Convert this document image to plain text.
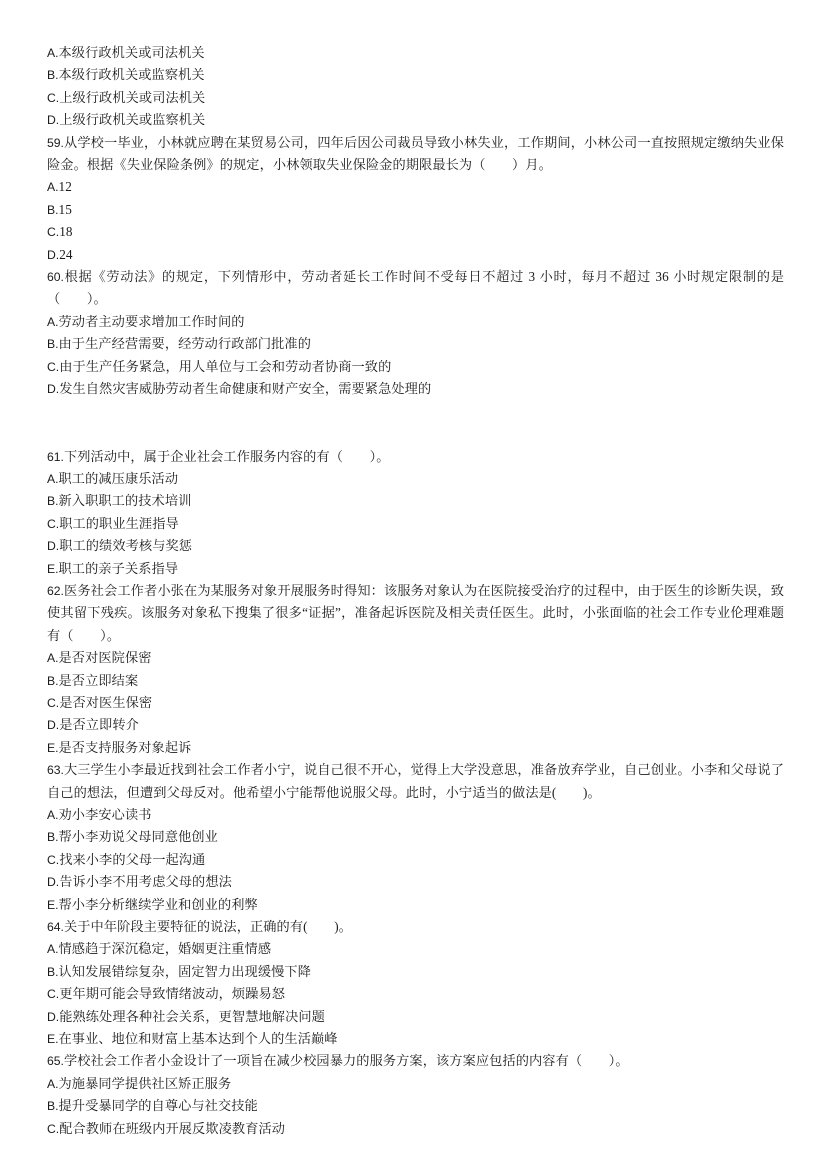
A.本级行政机关或司法机关

B.本级行政机关或监察机关

C.上级行政机关或司法机关

D.上级行政机关或监察机关

59.从学校一毕业，小林就应聘在某贸易公司，四年后因公司裁员导致小林失业，工作期间，小林公司一直按照规定缴纳失业保险金。根据《失业保险条例》的规定，小林领取失业保险金的期限最长为（　　）月。

A.12

B.15

C.18

D.24

60.根据《劳动法》的规定，下列情形中，劳动者延长工作时间不受每日不超过 3 小时，每月不超过 36 小时规定限制的是（　　）。

A.劳动者主动要求增加工作时间的

B.由于生产经营需要，经劳动行政部门批准的

C.由于生产任务紧急，用人单位与工会和劳动者协商一致的

D.发生自然灾害威胁劳动者生命健康和财产安全，需要紧急处理的

61.下列活动中，属于企业社会工作服务内容的有（　　）。

A.职工的减压康乐活动

B.新入职职工的技术培训

C.职工的职业生涯指导

D.职工的绩效考核与奖惩

E.职工的亲子关系指导

62.医务社会工作者小张在为某服务对象开展服务时得知：该服务对象认为在医院接受治疗的过程中，由于医生的诊断失误，致使其留下残疾。该服务对象私下搜集了很多“证据”，准备起诉医院及相关责任医生。此时，小张面临的社会工作专业伦理难题有（　　）。

A.是否对医院保密

B.是否立即结案

C.是否对医生保密

D.是否立即转介

E.是否支持服务对象起诉

63.大三学生小李最近找到社会工作者小宁，说自己很不开心，觉得上大学没意思，准备放弃学业，自己创业。小李和父母说了自己的想法，但遭到父母反对。他希望小宁能帮他说服父母。此时，小宁适当的做法是(　　)。

A.劝小李安心读书

B.帮小李劝说父母同意他创业

C.找来小李的父母一起沟通

D.告诉小李不用考虑父母的想法

E.帮小李分析继续学业和创业的利弊

64.关于中年阶段主要特征的说法，正确的有(　　)。

A.情感趋于深沉稳定，婚姻更注重情感

B.认知发展错综复杂，固定智力出现缓慢下降

C.更年期可能会导致情绪波动，烦躁易怒

D.能熟练处理各种社会关系，更智慧地解决问题

E.在事业、地位和财富上基本达到个人的生活巅峰

65.学校社会工作者小金设计了一项旨在减少校园暴力的服务方案，该方案应包括的内容有（　　）。

A.为施暴同学提供社区矫正服务

B.提升受暴同学的自尊心与社交技能

C.配合教师在班级内开展反欺凌教育活动
